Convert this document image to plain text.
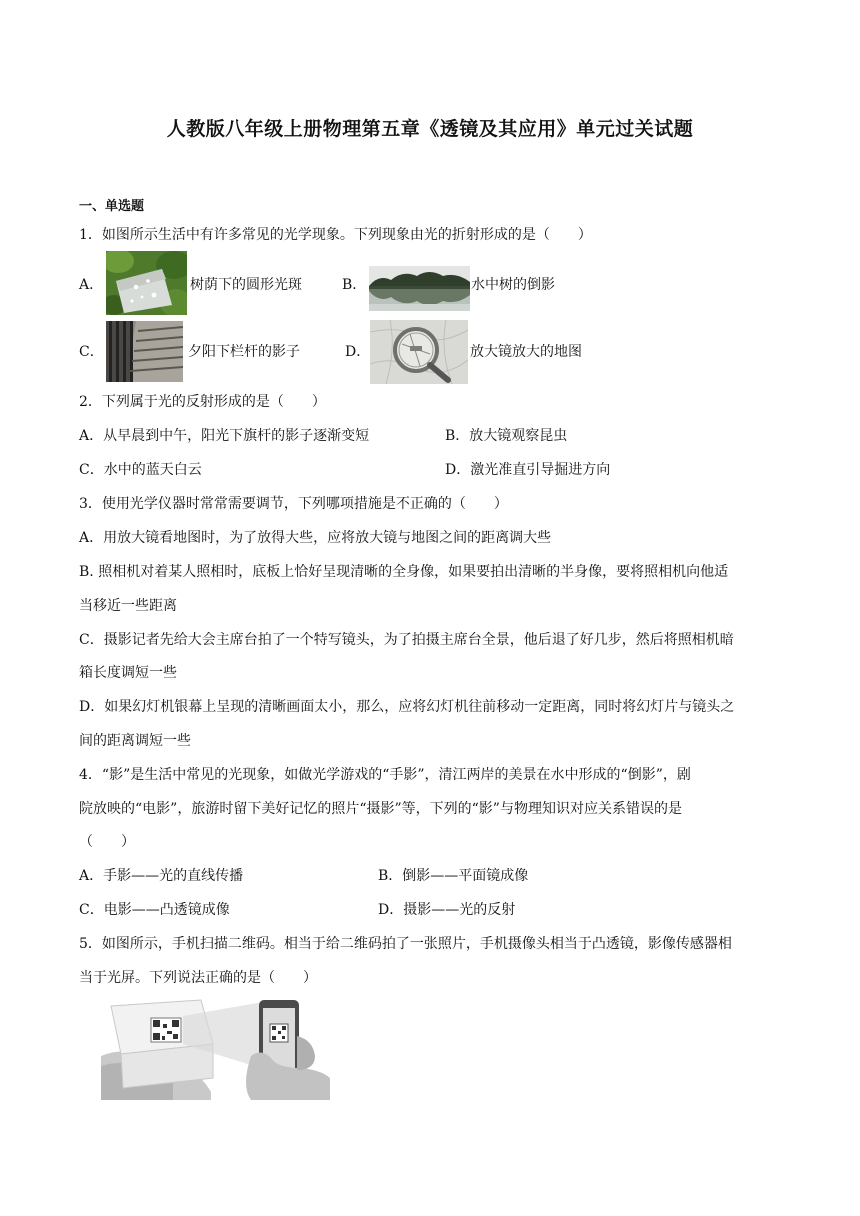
人教版八年级上册物理第五章《透镜及其应用》单元过关试题
一、单选题
1．如图所示生活中有许多常见的光学现象。下列现象由光的折射形成的是（　　）
A．	树荫下的圆形光斑	B．	水中树的倒影
C．	夕阳下栏杆的影子	D．	放大镜放大的地图
2．下列属于光的反射形成的是（　　）
A．从早晨到中午，阳光下旗杆的影子逐渐变短	B．放大镜观察昆虫
C．水中的蓝天白云	D．激光准直引导掘进方向
3．使用光学仪器时常常需要调节，下列哪项措施是不正确的（　　）
A．用放大镜看地图时，为了放得大些，应将放大镜与地图之间的距离调大些
B. 照相机对着某人照相时，底板上恰好呈现清晰的全身像，如果要拍出清晰的半身像，要将照相机向他适
当移近一些距离
C．摄影记者先给大会主席台拍了一个特写镜头，为了拍摄主席台全景，他后退了好几步，然后将照相机暗
箱长度调短一些
D．如果幻灯机银幕上呈现的清晰画面太小，那么，应将幻灯机往前移动一定距离，同时将幻灯片与镜头之
间的距离调短一些
4．“影”是生活中常见的光现象，如做光学游戏的“手影”，清江两岸的美景在水中形成的“倒影”，剧
院放映的“电影”，旅游时留下美好记忆的照片“摄影”等，下列的“影”与物理知识对应关系错误的是
（　　）
A．手影——光的直线传播	B．倒影——平面镜成像
C．电影——凸透镜成像	D．摄影——光的反射
5．如图所示，手机扫描二维码。相当于给二维码拍了一张照片，手机摄像头相当于凸透镜，影像传感器相
当于光屏。下列说法正确的是（　　）
